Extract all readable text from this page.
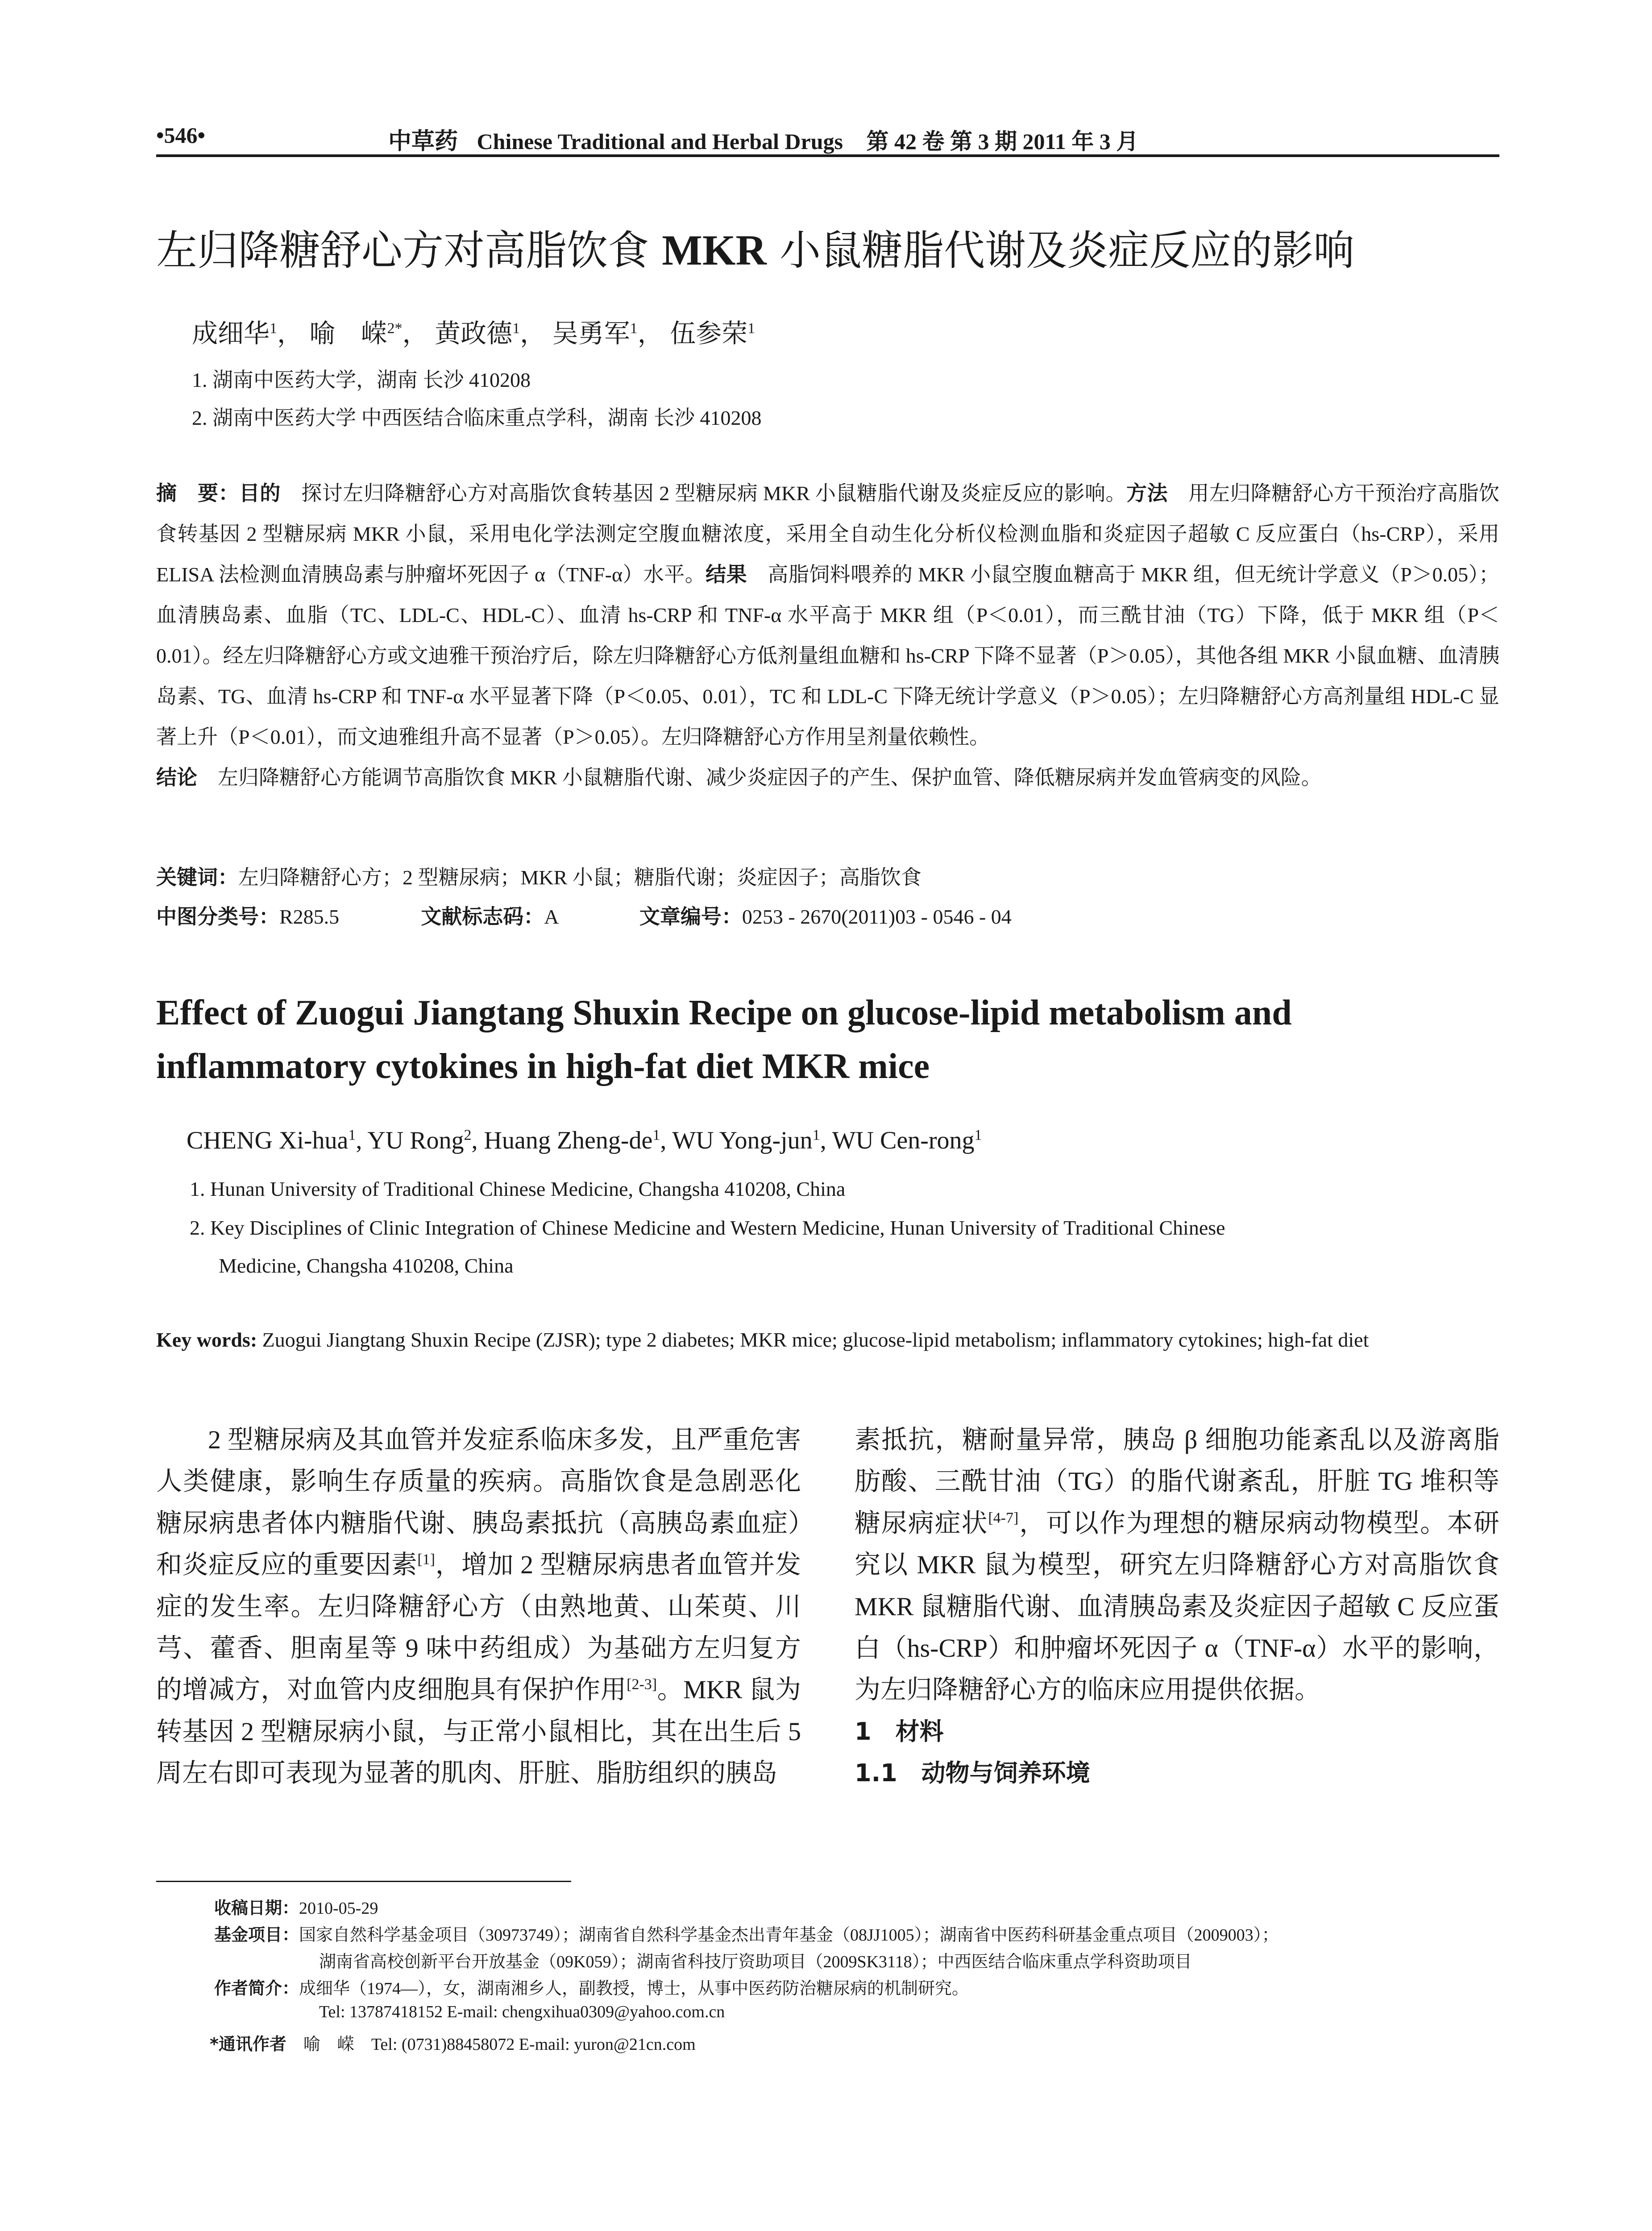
•546•	中草药 Chinese Traditional and Herbal Drugs 第 42 卷 第 3 期 2011 年 3 月
左归降糖舒心方对高脂饮食 MKR 小鼠糖脂代谢及炎症反应的影响
成细华$^1$， 喻　嵘$^{2*}$， 黄政德$^1$， 吴勇军$^1$， 伍参荣$^1$
1. 湖南中医药大学，湖南 长沙 410208
2. 湖南中医药大学 中西医结合临床重点学科，湖南 长沙 410208
摘　要：目的　探讨左归降糖舒心方对高脂饮食转基因 2 型糖尿病 MKR 小鼠糖脂代谢及炎症反应的影响。方法　用左归降糖舒心方干预治疗高脂饮食转基因 2 型糖尿病 MKR 小鼠，采用电化学法测定空腹血糖浓度，采用全自动生化分析仪检测血脂和炎症因子超敏 C 反应蛋白（hs-CRP），采用 ELISA 法检测血清胰岛素与肿瘤坏死因子 α（TNF-α）水平。结果　高脂饲料喂养的 MKR 小鼠空腹血糖高于 MKR 组，但无统计学意义（P＞0.05）；血清胰岛素、血脂（TC、LDL-C、HDL-C）、血清 hs-CRP 和 TNF-α 水平高于 MKR 组（P＜0.01），而三酰甘油（TG）下降，低于 MKR 组（P＜0.01）。经左归降糖舒心方或文迪雅干预治疗后，除左归降糖舒心方低剂量组血糖和 hs-CRP 下降不显著（P＞0.05），其他各组 MKR 小鼠血糖、血清胰岛素、TG、血清 hs-CRP 和 TNF-α 水平显著下降（P＜0.05、0.01），TC 和 LDL-C 下降无统计学意义（P＞0.05）；左归降糖舒心方高剂量组 HDL-C 显著上升（P＜0.01），而文迪雅组升高不显著（P＞0.05）。左归降糖舒心方作用呈剂量依赖性。
结论　左归降糖舒心方能调节高脂饮食 MKR 小鼠糖脂代谢、减少炎症因子的产生、保护血管、降低糖尿病并发血管病变的风险。
关键词：左归降糖舒心方；2 型糖尿病；MKR 小鼠；糖脂代谢；炎症因子；高脂饮食
中图分类号：R285.5	文献标志码：A	文章编号：0253 - 2670(2011)03 - 0546 - 04
Effect of Zuogui Jiangtang Shuxin Recipe on glucose-lipid metabolism and
inflammatory cytokines in high-fat diet MKR mice
CHENG Xi-hua$^1$, YU Rong$^2$, Huang Zheng-$de^1$, WU Yong-jun$^1$, WU Cen-rong$^1$
1. Hunan University of Traditional Chinese Medicine, Changsha 410208, China
2. Key Disciplines of Clinic Integration of Chinese Medicine and Western Medicine, Hunan University of Traditional Chinese
Medicine, Changsha 410208, China
Key words: Zuogui Jiangtang Shuxin Recipe (ZJSR); type 2 diabetes; MKR mice; glucose-lipid metabolism; inflammatory cytokines; high-fat diet

2 型糖尿病及其血管并发症系临床多发，且严重危害人类健康，影响生存质量的疾病。高脂饮食是急剧恶化糖尿病患者体内糖脂代谢、胰岛素抵抗（高胰岛素血症）和炎症反应的重要因素[1]，增加 2 型糖尿病患者血管并发症的发生率。左归降糖舒心方（由熟地黄、山茱萸、川芎、藿香、胆南星等 9 味中药组成）为基础方左归复方的增减方，对血管内皮细胞具有保护作用[2-3]。MKR 鼠为转基因 2 型糖尿病小鼠，与正常小鼠相比，其在出生后 5 周左右即可表现为显著的肌肉、肝脏、脂肪组织的胰岛

素抵抗，糖耐量异常，胰岛 β 细胞功能紊乱以及游离脂肪酸、三酰甘油（TG）的脂代谢紊乱，肝脏 TG 堆积等糖尿病症状[4-7]，可以作为理想的糖尿病动物模型。本研究以 MKR 鼠为模型，研究左归降糖舒心方对高脂饮食 MKR 鼠糖脂代谢、血清胰岛素及炎症因子超敏 C 反应蛋白（hs-CRP）和肿瘤坏死因子 α（TNF-α）水平的影响，为左归降糖舒心方的临床应用提供依据。

1　材料

1.1　动物与饲养环境

收稿日期：2010-05-29
基金项目：国家自然科学基金项目（30973749）；湖南省自然科学基金杰出青年基金（08JJ1005）；湖南省中医药科研基金重点项目（2009003）；
湖南省高校创新平台开放基金（09K059）；湖南省科技厅资助项目（2009SK3118）；中西医结合临床重点学科资助项目
作者简介：成细华（1974—），女，湖南湘乡人，副教授，博士，从事中医药防治糖尿病的机制研究。
Tel: 13787418152 E-mail: chengxihua0309@yahoo.com.cn
*通讯作者　喻　嵘　Tel: (0731)88458072 E-mail: yuron@21cn.com
